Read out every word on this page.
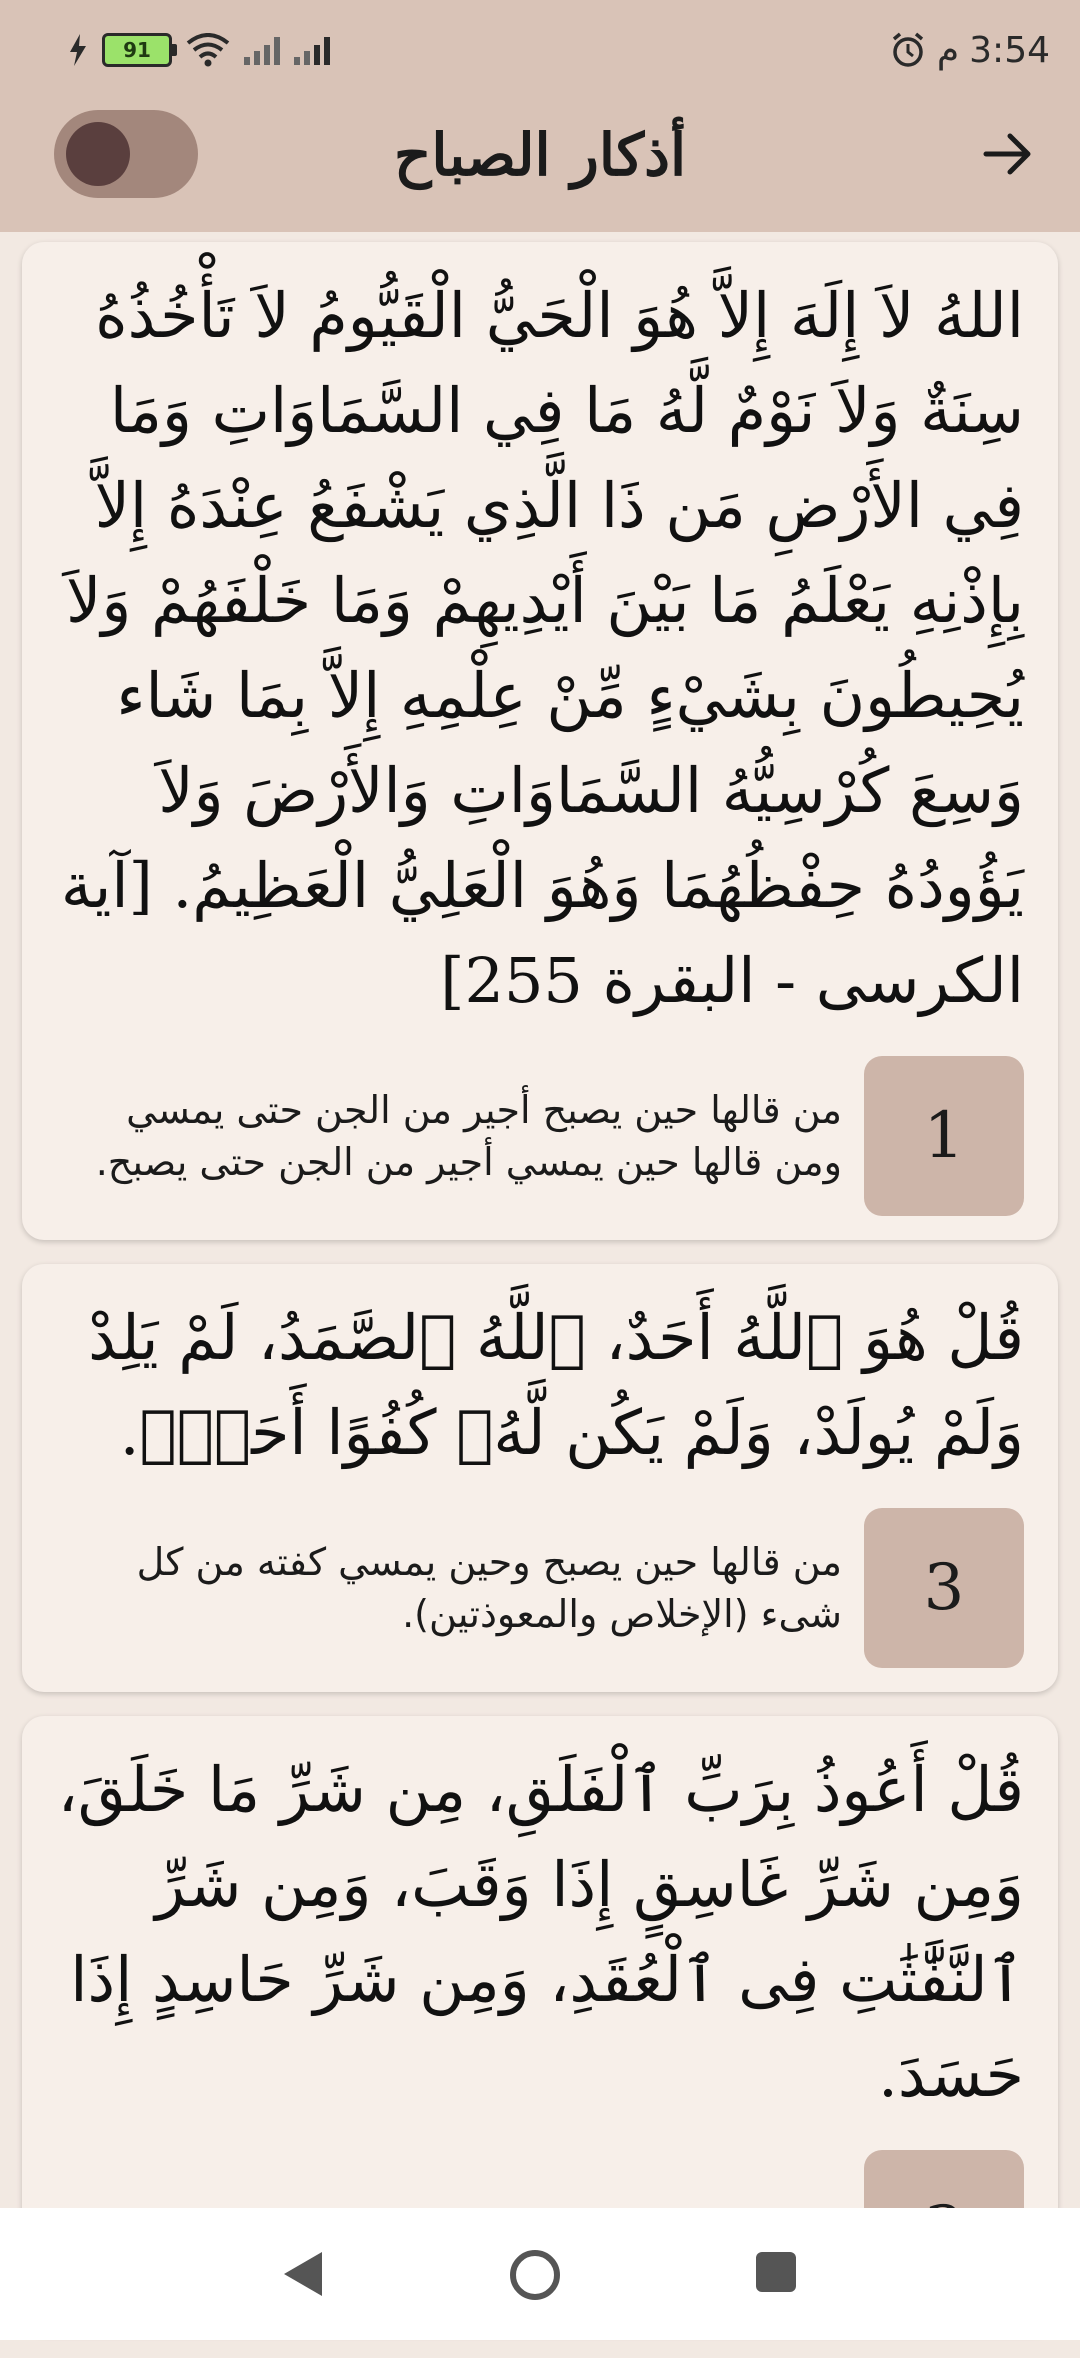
91	م 3:54
أذكار الصباح

اللهُ لاَ إِلَهَ إِلاَّ هُوَ الْحَيُّ الْقَيُّومُ لاَ تَأْخُذُهُ سِنَةٌ وَلاَ نَوْمٌ لَّهُ مَا فِي السَّمَاوَاتِ وَمَا فِي الأَرْضِ مَن ذَا الَّذِي يَشْفَعُ عِنْدَهُ إِلاَّ بِإِذْنِهِ يَعْلَمُ مَا بَيْنَ أَيْدِيهِمْ وَمَا خَلْفَهُمْ وَلاَ يُحِيطُونَ بِشَيْءٍ مِّنْ عِلْمِهِ إِلاَّ بِمَا شَاء وَسِعَ كُرْسِيُّهُ السَّمَاوَاتِ وَالأَرْضَ وَلاَ يَؤُودُهُ حِفْظُهُمَا وَهُوَ الْعَلِيُّ الْعَظِيمُ. [آية الكرسى - البقرة 255]

1
من قالها حين يصبح أجير من الجن حتى يمسي ومن قالها حين يمسي أجير من الجن حتى يصبح.

قُلْ هُوَ ٱللَّهُ أَحَدٌ، ٱللَّهُ ٱلصَّمَدُ، لَمْ يَلِدْ وَلَمْ يُولَدْ، وَلَمْ يَكُن لَّهُۥ كُفُوًا أَحَدٌۢ.

3
من قالها حين يصبح وحين يمسي كفته من كل شىء (الإخلاص والمعوذتين).

قُلْ أَعُوذُ بِرَبِّ ٱلْفَلَقِ، مِن شَرِّ مَا خَلَقَ، وَمِن شَرِّ غَاسِقٍ إِذَا وَقَبَ، وَمِن شَرِّ ٱلنَّفَّٰثَٰتِ فِى ٱلْعُقَدِ، وَمِن شَرِّ حَاسِدٍ إِذَا حَسَدَ.
